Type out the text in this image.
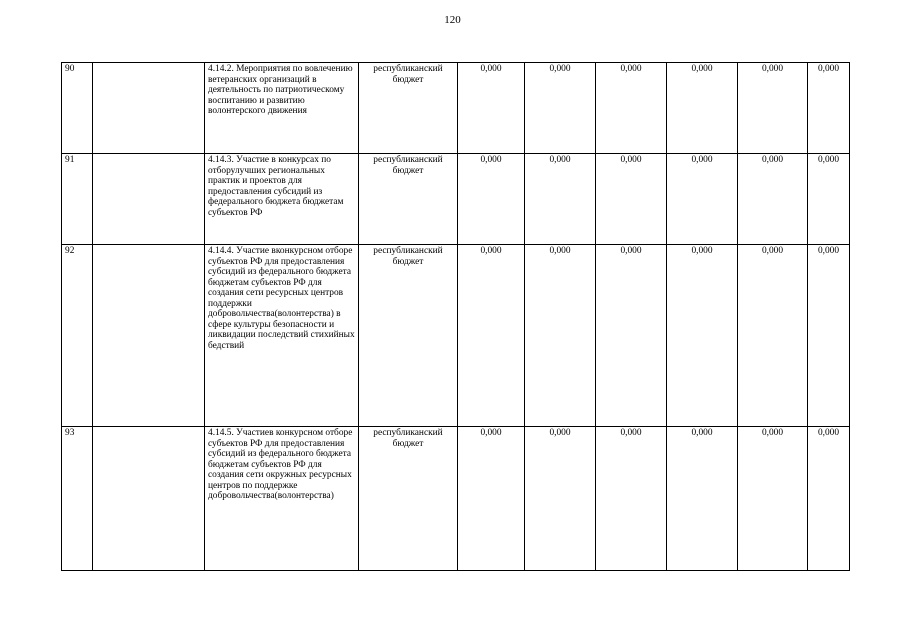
120
90		4.14.2. Мероприятия по вовлечению ветеранских организаций в деятельность по патриотическому воспитанию и развитию волонтерского движения	республиканский бюджет	0,000	0,000	0,000	0,000	0,000	0,000
91		4.14.3. Участие в конкурсах по отборулучших региональных практик и проектов для предоставления субсидий из федерального бюджета бюджетам субъектов РФ	республиканский бюджет	0,000	0,000	0,000	0,000	0,000	0,000
92		4.14.4. Участие вконкурсном отборе субъектов РФ для предоставления субсидий из федерального бюджета бюджетам субъектов РФ для создания сети ресурсных центров поддержки добровольчества(волонтерства) в сфере культуры безопасности и ликвидации последствий стихийных бедствий	республиканский бюджет	0,000	0,000	0,000	0,000	0,000	0,000
93		4.14.5. Участиев конкурсном отборе субъектов РФ для предоставления субсидий из федерального бюджета бюджетам субъектов РФ для создания сети окружных ресурсных центров по поддержке добровольчества(волонтерства)	республиканский бюджет	0,000	0,000	0,000	0,000	0,000	0,000
